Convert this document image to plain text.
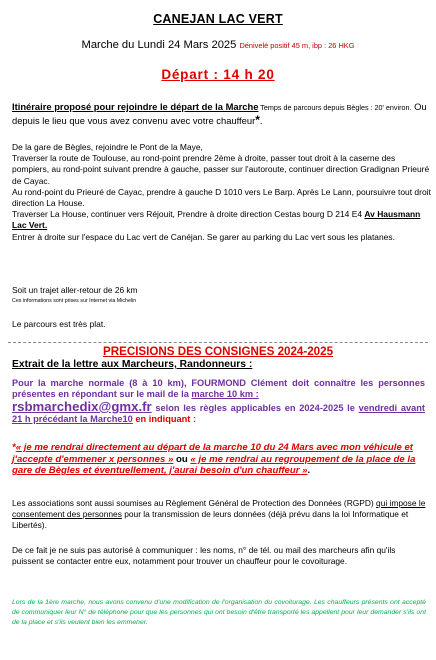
CANEJAN LAC VERT
Marche du Lundi 24 Mars 2025 Dénivelé positif 45 m, ibp : 26 HKG
Départ : 14 h 20
Itinéraire proposé pour rejoindre le départ de la Marche Temps de parcours depuis Bègles : 20' environ. Ou depuis le lieu que vous avez convenu avec votre chauffeur*.
De la gare de Bègles, rejoindre le Pont de la Maye,
Traverser la route de Toulouse, au rond-point prendre 2ème à droite, passer tout droit à la caserne des pompiers, au rond-point suivant prendre à gauche, passer sur l'autoroute, continuer direction Gradignan Prieuré de Cayac.
Au rond-point du Prieuré de Cayac, prendre à gauche D 1010 vers Le Barp. Après Le Lann, poursuivre tout droit direction La House.
Traverser La House, continuer vers Réjouit, Prendre à droite direction Cestas bourg D 214 E4 Av Hausmann Lac Vert.
Entrer à droite sur l'espace du Lac vert de Canéjan. Se garer au parking du Lac vert sous les platanes.
Soit un trajet aller-retour de 26 km
Ces informations sont prises sur Internet via Michelin
Le parcours est très plat.
PRECISIONS DES CONSIGNES 2024-2025
Extrait de la lettre aux Marcheurs, Randonneurs :
Pour la marche normale (8 à 10 km), FOURMOND Clément doit connaître les personnes présentes en répondant sur le mail de la marche 10 km :
rsbmarchedix@gmx.fr selon les règles applicables en 2024-2025 le vendredi avant 21 h précédant la Marche10 en indiquant :
*« je me rendrai directement au départ de la marche 10 du 24 Mars avec mon véhicule et j'accepte d'emmener x personnes » ou « je me rendrai au regroupement de la place de la gare de Bègles et éventuellement, j'aurai besoin d'un chauffeur ».
Les associations sont aussi soumises au Règlement Général de Protection des Données (RGPD) qui impose le consentement des personnes pour la transmission de leurs données (déjà prévu dans la loi Informatique et Libertés).
De ce fait je ne suis pas autorisé à communiquer : les noms, n° de tél. ou mail des marcheurs afin qu'ils puissent se contacter entre eux, notamment pour trouver un chauffeur pour le covoiturage.
Lors de la 1ère marche, nous avons convenu d'une modification de l'organisation du covoiturage. Les chauffeurs présents ont accepté de communiquer leur N° de téléphone pour que les personnes qui ont besoin d'être transporté les appellent pour leur demander s'ils ont de la place et s'ils veulent bien les emmener.
